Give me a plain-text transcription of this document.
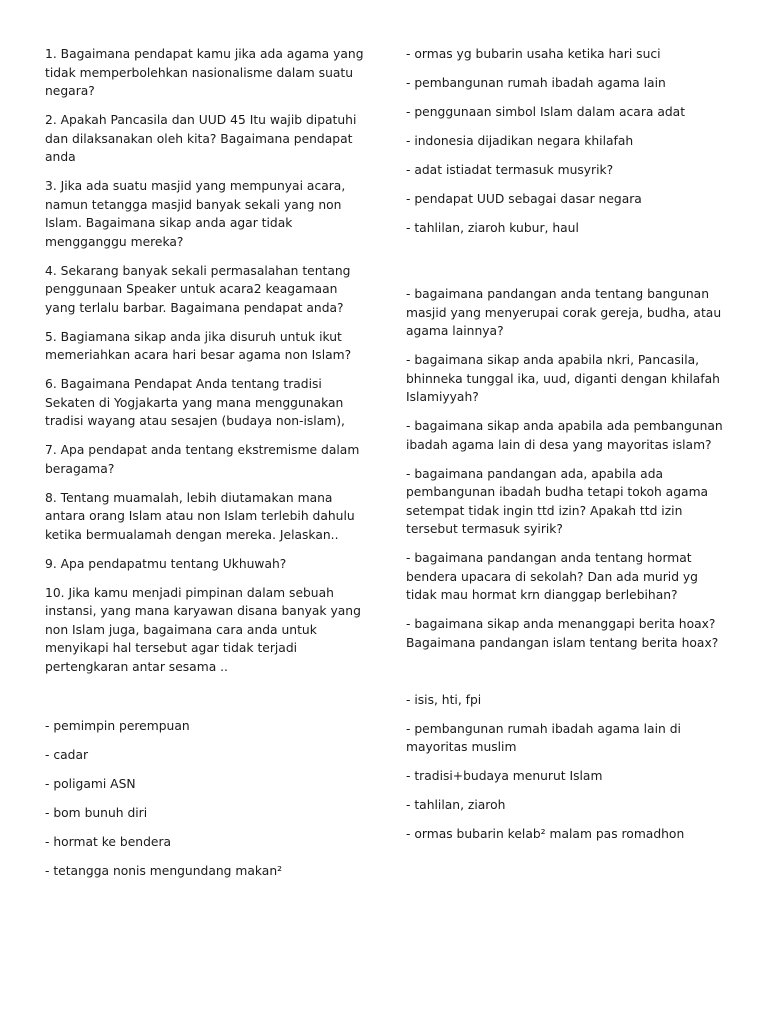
1. Bagaimana pendapat kamu jika ada agama yang tidak memperbolehkan nasionalisme dalam suatu negara?

2. Apakah Pancasila dan UUD 45 Itu wajib dipatuhi dan dilaksanakan oleh kita? Bagaimana pendapat anda

3. Jika ada suatu masjid yang mempunyai acara, namun tetangga masjid banyak sekali yang non Islam. Bagaimana sikap anda agar tidak mengganggu mereka?

4. Sekarang banyak sekali permasalahan tentang penggunaan Speaker untuk acara2 keagamaan yang terlalu barbar. Bagaimana pendapat anda?

5. Bagiamana sikap anda jika disuruh untuk ikut memeriahkan acara hari besar agama non Islam?

6. Bagaimana Pendapat Anda tentang tradisi Sekaten di Yogjakarta yang mana menggunakan tradisi wayang atau sesajen (budaya non-islam),

7. Apa pendapat anda tentang ekstremisme dalam beragama?

8. Tentang muamalah, lebih diutamakan mana antara orang Islam atau non Islam terlebih dahulu ketika bermualamah dengan mereka. Jelaskan..

9. Apa pendapatmu tentang Ukhuwah?

10. Jika kamu menjadi pimpinan dalam sebuah instansi, yang mana karyawan disana banyak yang non Islam juga, bagaimana cara anda untuk menyikapi hal tersebut agar tidak terjadi pertengkaran antar sesama ..

- pemimpin perempuan

- cadar

- poligami ASN

- bom bunuh diri

- hormat ke bendera

- tetangga nonis mengundang makan²

- ormas yg bubarin usaha ketika hari suci

- pembangunan rumah ibadah agama lain

- penggunaan simbol Islam dalam acara adat

- indonesia dijadikan negara khilafah

- adat istiadat termasuk musyrik?

- pendapat UUD sebagai dasar negara

- tahlilan, ziaroh kubur, haul

- bagaimana pandangan anda tentang bangunan masjid yang menyerupai corak gereja, budha, atau agama lainnya?

- bagaimana sikap anda apabila nkri, Pancasila, bhinneka tunggal ika, uud, diganti dengan khilafah Islamiyyah?

- bagaimana sikap anda apabila ada pembangunan ibadah agama lain di desa yang mayoritas islam?

- bagaimana pandangan ada, apabila ada pembangunan ibadah budha tetapi tokoh agama setempat tidak ingin ttd izin? Apakah ttd izin tersebut termasuk syirik?

- bagaimana pandangan anda tentang hormat bendera upacara di sekolah? Dan ada murid yg tidak mau hormat krn dianggap berlebihan?

- bagaimana sikap anda menanggapi berita hoax? Bagaimana pandangan islam tentang berita hoax?

- isis, hti, fpi

- pembangunan rumah ibadah agama lain di mayoritas muslim

- tradisi+budaya menurut Islam

- tahlilan, ziaroh

- ormas bubarin kelab² malam pas romadhon
